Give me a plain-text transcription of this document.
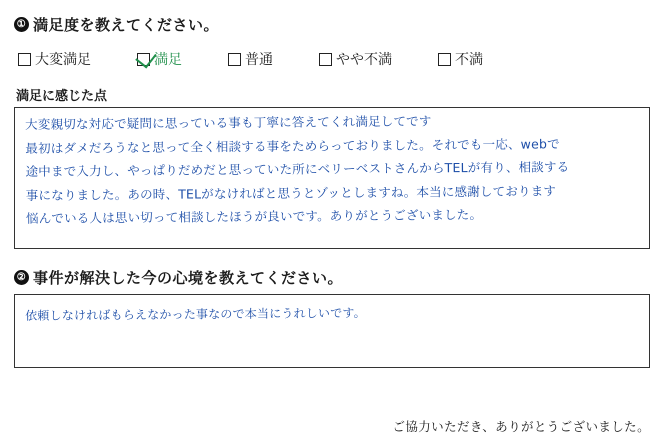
① 満足度を教えてください。
大変満足	満足	普通	やや不満	不満
満足に感じた点
大変親切な対応で疑問に思っている事も丁寧に答えてくれ満足してです
最初はダメだろうなと思って全く相談する事をためらっておりました。それでも一応、webで
途中まで入力し、やっぱりだめだと思っていた所にベリーベストさんからTELが有り、相談する
事になりました。あの時、TELがなければと思うとゾッとしますね。本当に感謝しております
悩んでいる人は思い切って相談したほうが良いです。ありがとうございました。
② 事件が解決した今の心境を教えてください。
依頼しなければもらえなかった事なので本当にうれしいです。
ご協力いただき、ありがとうございました。
